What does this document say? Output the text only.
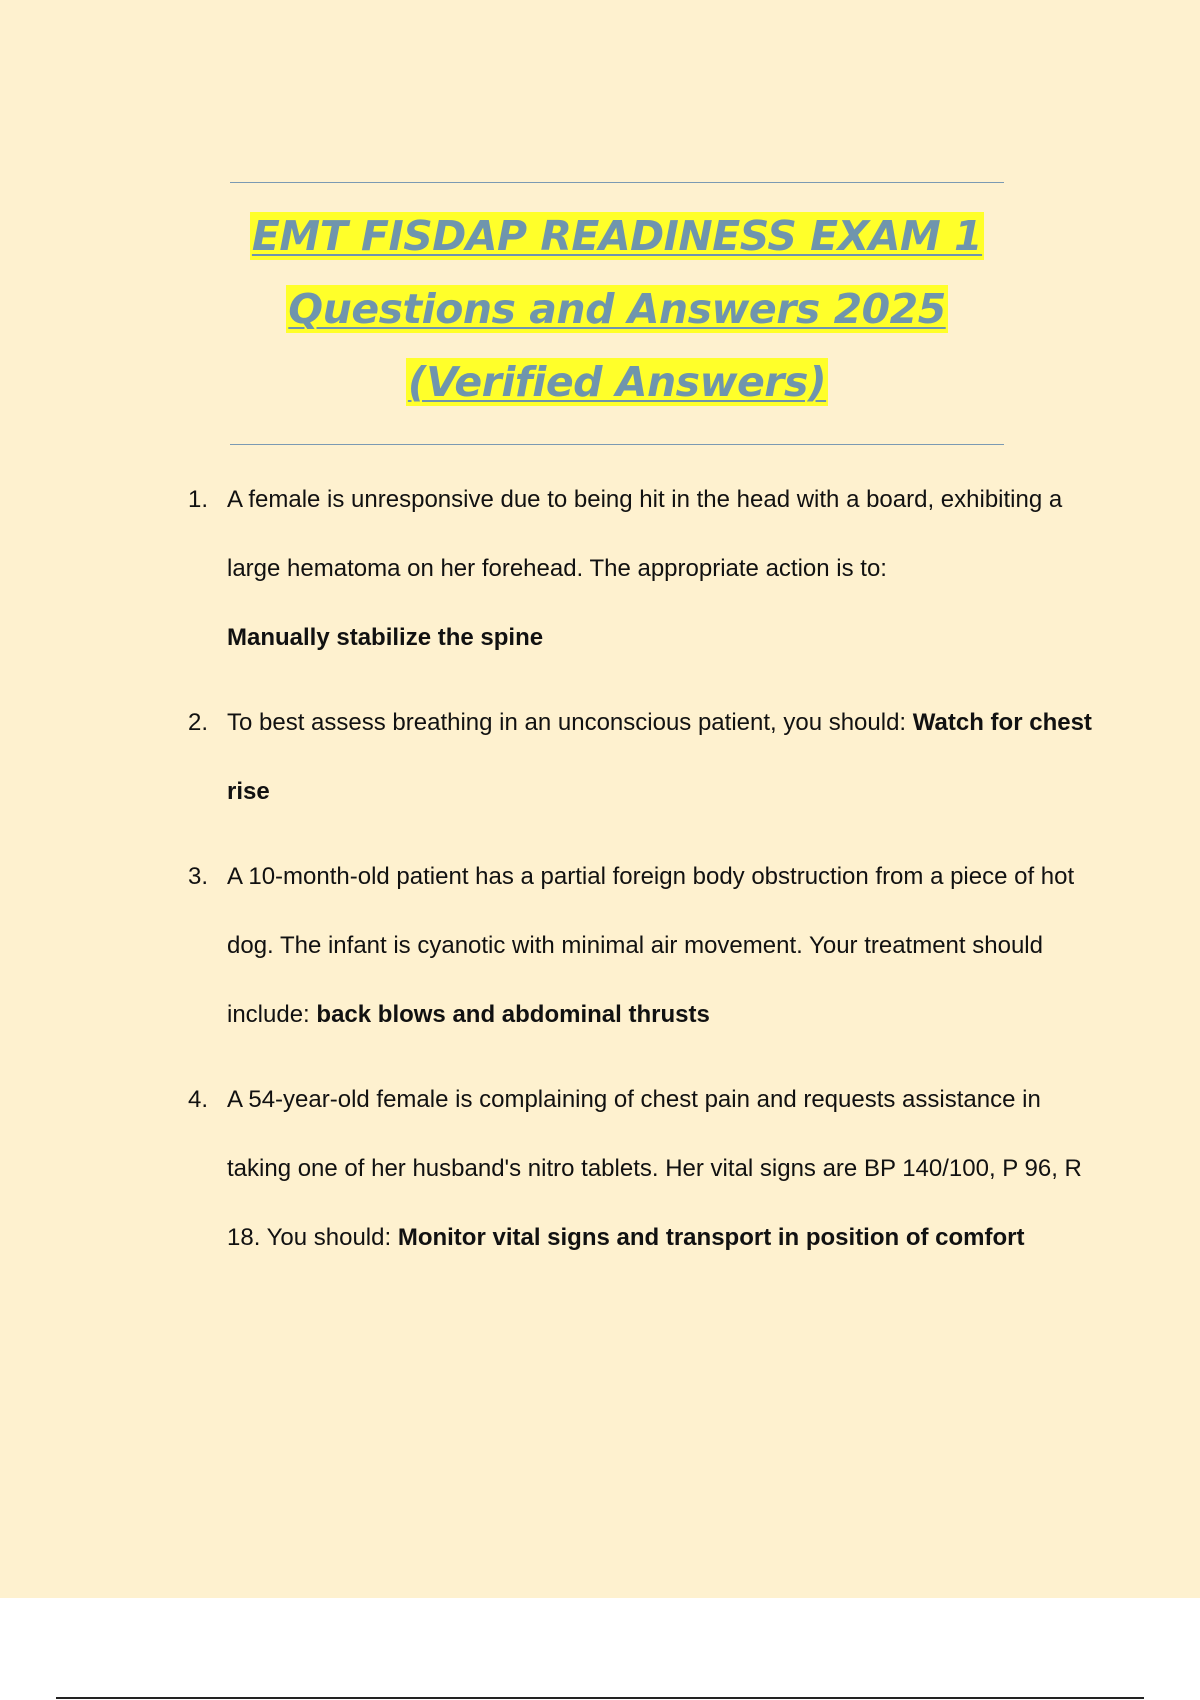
EMT FISDAP READINESS EXAM 1
Questions and Answers 2025
(Verified Answers)
1. A female is unresponsive due to being hit in the head with a board, exhibiting a large hematoma on her forehead. The appropriate action is to:
Manually stabilize the spine
2. To best assess breathing in an unconscious patient, you should: Watch for chest rise
3. A 10-month-old patient has a partial foreign body obstruction from a piece of hot dog. The infant is cyanotic with minimal air movement. Your treatment should include: back blows and abdominal thrusts
4. A 54-year-old female is complaining of chest pain and requests assistance in taking one of her husband's nitro tablets. Her vital signs are BP 140/100, P 96, R 18. You should: Monitor vital signs and transport in position of comfort
